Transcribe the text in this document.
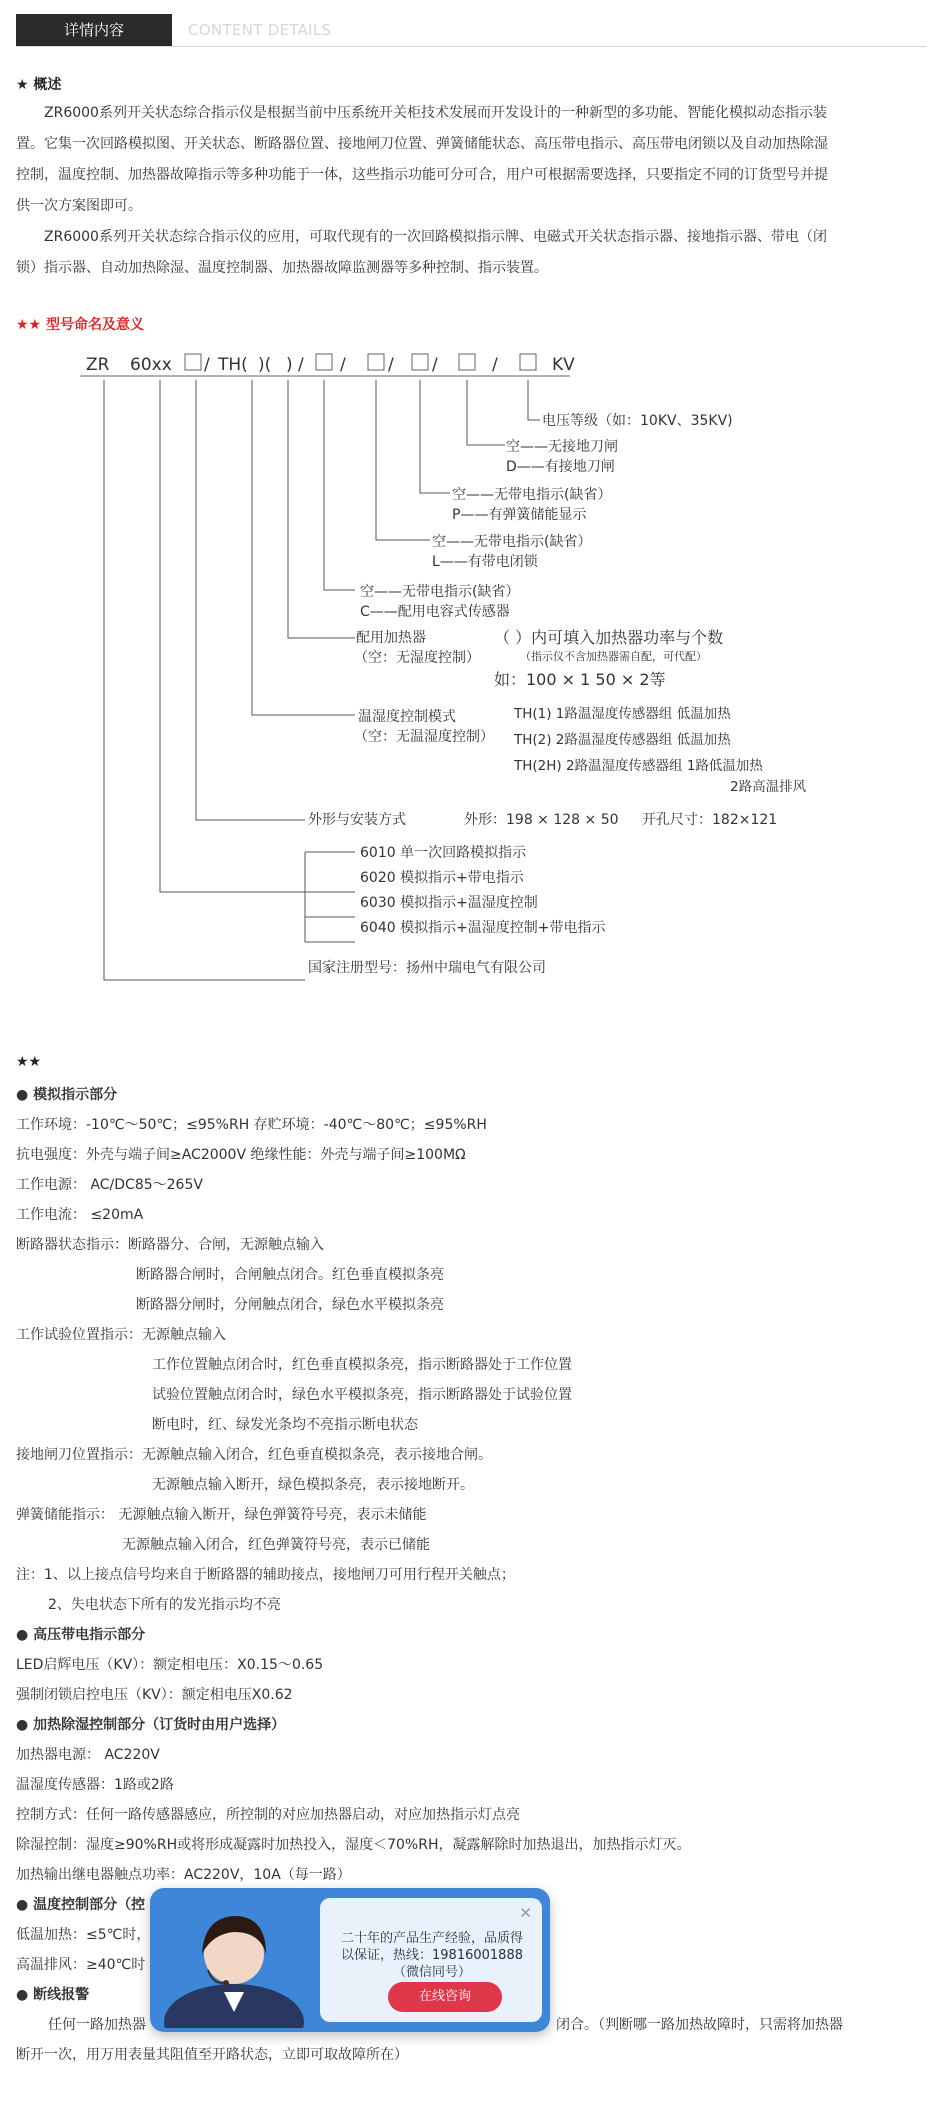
详情内容	CONTENT DETAILS
★ 概述
ZR6000系列开关状态综合指示仪是根据当前中压系统开关柜技术发展而开发设计的一种新型的多功能、智能化模拟动态指示装
置。它集一次回路模拟图、开关状态、断路器位置、接地闸刀位置、弹簧储能状态、高压带电指示、高压带电闭锁以及自动加热除湿
控制，温度控制、加热器故障指示等多种功能于一体，这些指示功能可分可合，用户可根据需要选择，只要指定不同的订货型号并提
供一次方案图即可。
ZR6000系列开关状态综合指示仪的应用，可取代现有的一次回路模拟指示牌、电磁式开关状态指示器、接地指示器、带电（闭
锁）指示器、自动加热除湿、温度控制器、加热器故障监测器等多种控制、指示装置。
★★ 型号命名及意义
ZR 60xx / TH( )( ) / / / /	/	KV
电压等级（如：10KV、35KV)
空——无接地刀闸
D——有接地刀闸
空——无带电指示(缺省）
P——有弹簧储能显示
空——无带电指示(缺省）
L——有带电闭锁
空——无带电指示(缺省）
C——配用电容式传感器
配用加热器
（空：无湿度控制）
（ ）内可填入加热器功率与个数
（指示仪不含加热器需自配，可代配）
如：100 × 1 50 × 2等
温湿度控制模式
（空：无温湿度控制）
TH(1) 1路温湿度传感器组 低温加热
TH(2) 2路温湿度传感器组 低温加热
TH(2H) 2路温湿度传感器组 1路低温加热
2路高温排风
外形与安装方式	外形：198 × 128 × 50 开孔尺寸：182×121
6010 单一次回路模拟指示
6020 模拟指示+带电指示
6030 模拟指示+温湿度控制
6040 模拟指示+温湿度控制+带电指示
国家注册型号：扬州中瑞电气有限公司
★★
● 模拟指示部分
工作环境：-10℃～50℃；≤95%RH 存贮环境：-40℃～80℃；≤95%RH
抗电强度：外壳与端子间≥AC2000V 绝缘性能：外壳与端子间≥100MΩ
工作电源： AC/DC85～265V
工作电流： ≤20mA
断路器状态指示：断路器分、合闸，无源触点输入
断路器合闸时，合闸触点闭合。红色垂直模拟条亮
断路器分闸时，分闸触点闭合，绿色水平模拟条亮
工作试验位置指示：无源触点输入
工作位置触点闭合时，红色垂直模拟条亮，指示断路器处于工作位置
试验位置触点闭合时，绿色水平模拟条亮，指示断路器处于试验位置
断电时，红、绿发光条均不亮指示断电状态
接地闸刀位置指示：无源触点输入闭合，红色垂直模拟条亮，表示接地合闸。
无源触点输入断开，绿色模拟条亮，表示接地断开。
弹簧储能指示： 无源触点输入断开，绿色弹簧符号亮，表示未储能
无源触点输入闭合，红色弹簧符号亮，表示已储能
注：1、以上接点信号均来自于断路器的辅助接点，接地闸刀可用行程开关触点；
2、失电状态下所有的发光指示均不亮
● 高压带电指示部分
LED启辉电压（KV）：额定相电压：X0.15～0.65
强制闭锁启控电压（KV）：额定相电压X0.62
● 加热除湿控制部分（订货时由用户选择）
加热器电源： AC220V
温湿度传感器：1路或2路
控制方式：任何一路传感器感应，所控制的对应加热器启动，对应加热指示灯点亮
除湿控制：湿度≥90%RH或将形成凝露时加热投入，湿度＜70%RH，凝露解除时加热退出，加热指示灯灭。
加热输出继电器触点功率：AC220V，10A（每一路）
● 温度控制部分（控
低温加热：≤5℃时，
高温排风：≥40℃时
● 断线报警
任何一路加热器	闭合。（判断哪一路加热故障时，只需将加热器
断开一次，用万用表量其阻值至开路状态，立即可取故障所在）
✕
二十年的产品生产经验，品质得
以保证，热线：19816001888
（微信同号）
在线咨询
